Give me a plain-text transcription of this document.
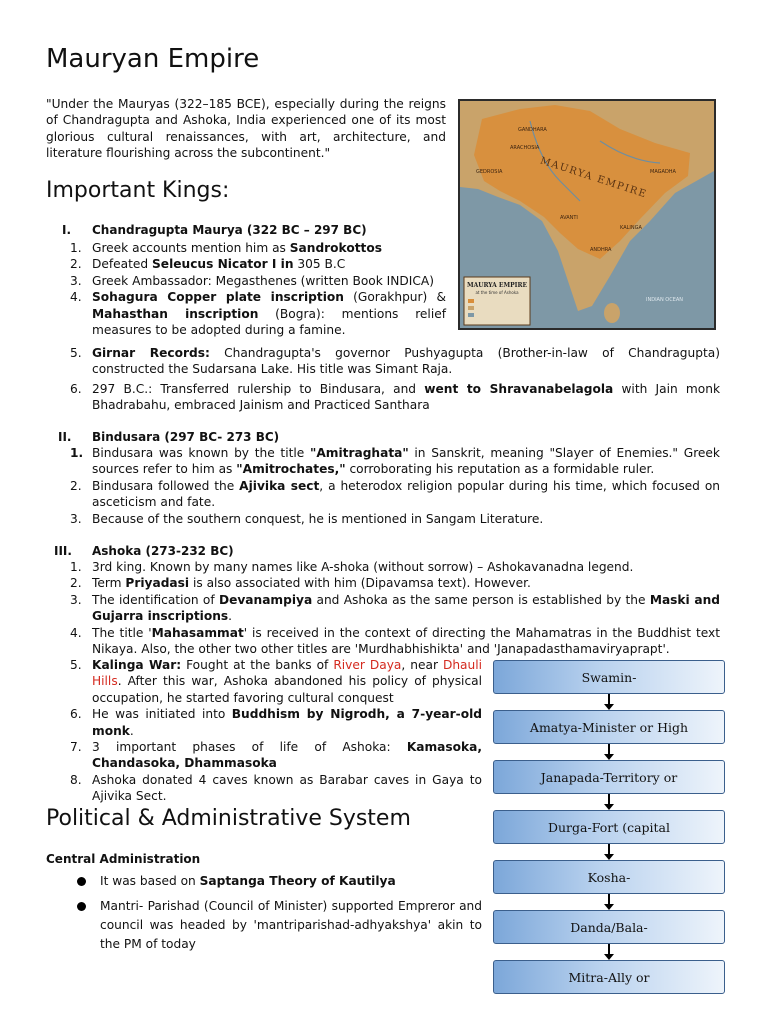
Mauryan Empire

"Under the Mauryas (322–185 BCE), especially during the reigns of Chandragupta and Ashoka, India experienced one of its most glorious cultural renaissances, with art, architecture, and literature flourishing across the subcontinent."

MAURYA EMPIRE
GANDHARA
ARACHOSIA
GEDROSIA	MAGADHA
KALINGA
AVANTI
ANDHRA
INDIAN OCEAN
MAURYA EMPIRE
at the time of Ashoka
Important Kings:
I. Chandragupta Maurya (322 BC – 297 BC)
1. Greek accounts mention him as Sandrokottos
2. Defeated Seleucus Nicator I in 305 B.C
3. Greek Ambassador: Megasthenes (written Book INDICA)
4. Sohagura Copper plate inscription (Gorakhpur) & Mahasthan inscription (Bogra): mentions relief measures to be adopted during a famine.
5. Girnar Records: Chandragupta's governor Pushyagupta (Brother-in-law of Chandragupta) constructed the Sudarsana Lake. His title was Simant Raja.
6. 297 B.C.: Transferred rulership to Bindusara, and went to Shravanabelagola with Jain monk Bhadrabahu, embraced Jainism and Practiced Santhara
II. Bindusara (297 BC- 273 BC)
1. Bindusara was known by the title "Amitraghata" in Sanskrit, meaning "Slayer of Enemies." Greek sources refer to him as "Amitrochates," corroborating his reputation as a formidable ruler.
2. Bindusara followed the Ajivika sect, a heterodox religion popular during his time, which focused on asceticism and fate.
3. Because of the southern conquest, he is mentioned in Sangam Literature.
III. Ashoka (273-232 BC)
1. 3rd king. Known by many names like A-shoka (without sorrow) – Ashokavanadna legend.
2. Term Priyadasi is also associated with him (Dipavamsa text). However.
3. The identification of Devanampiya and Ashoka as the same person is established by the Maski and Gujarra inscriptions.
4. The title 'Mahasammat' is received in the context of directing the Mahamatras in the Buddhist text Nikaya. Also, the other two other titles are 'Murdhabhishikta' and 'Janapadasthamaviryaprapt'.
5. Kalinga War: Fought at the banks of River Daya, near Dhauli Hills. After this war, Ashoka abandoned his policy of physical occupation, he started favoring cultural conquest
6. He was initiated into Buddhism by Nigrodh, a 7-year-old monk.
7. 3 important phases of life of Ashoka: Kamasoka, Chandasoka, Dhammasoka
8. Ashoka donated 4 caves known as Barabar caves in Gaya to Ajivika Sect.
Political & Administrative System
Central Administration
It was based on Saptanga Theory of Kautilya
Mantri- Parishad (Council of Minister) supported Empreror and council was headed by 'mantriparishad-adhyakshya' akin to the PM of today
Swamin-
Amatya-Minister or High
Janapada-Territory or
Durga-Fort (capital
Kosha-
Danda/Bala-
Mitra-Ally or
